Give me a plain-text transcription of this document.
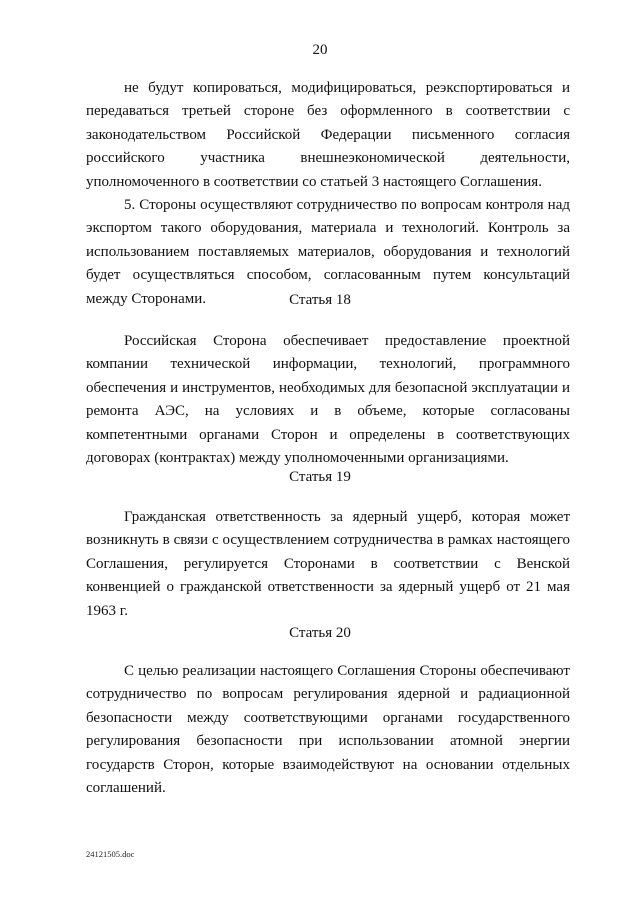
20

не будут копироваться, модифицироваться, реэкспортироваться и передаваться третьей стороне без оформленного в соответствии с законодательством Российской Федерации письменного согласия российского участника внешнеэкономической деятельности, уполномоченного в соответствии со статьей 3 настоящего Соглашения.

5. Стороны осуществляют сотрудничество по вопросам контроля над экспортом такого оборудования, материала и технологий. Контроль за использованием поставляемых материалов, оборудования и технологий будет осуществляться способом, согласованным путем консультаций между Сторонами.	Статья 18

Российская Сторона обеспечивает предоставление проектной компании технической информации, технологий, программного обеспечения и инструментов, необходимых для безопасной эксплуатации и ремонта АЭС, на условиях и в объеме, которые согласованы компетентными органами Сторон и определены в соответствующих договорах (контрактах) между уполномоченными организациями.

Статья 19

Гражданская ответственность за ядерный ущерб, которая может возникнуть в связи с осуществлением сотрудничества в рамках настоящего Соглашения, регулируется Сторонами в соответствии с Венской конвенцией о гражданской ответственности за ядерный ущерб от 21 мая 1963 г.

Статья 20

С целью реализации настоящего Соглашения Стороны обеспечивают сотрудничество по вопросам регулирования ядерной и радиационной безопасности между соответствующими органами государственного регулирования безопасности при использовании атомной энергии государств Сторон, которые взаимодействуют на основании отдельных соглашений.

24121505.doc
